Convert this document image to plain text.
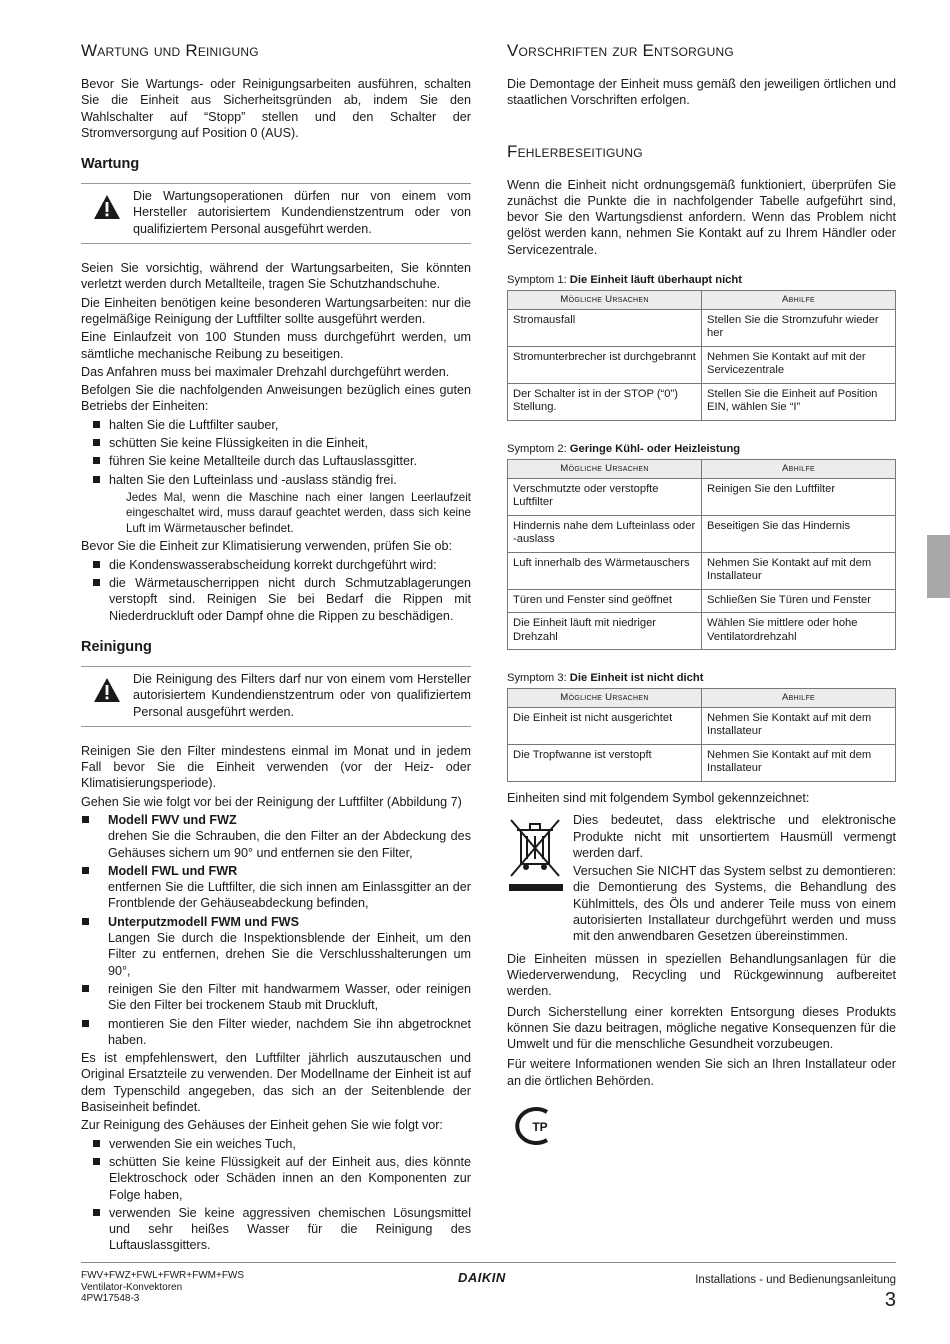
Wartung und Reinigung

Bevor Sie Wartungs- oder Reinigungsarbeiten ausführen, schalten Sie die Einheit aus Sicherheitsgründen ab, indem Sie den Wahlschalter auf “Stopp” stellen und den Schalter der Stromversorgung auf Position 0 (AUS).

Wartung
Die Wartungsoperationen dürfen nur von einem vom Hersteller autorisiertem Kundendienstzentrum oder von qualifiziertem Personal ausgeführt werden.

Seien Sie vorsichtig, während der Wartungsarbeiten, Sie könnten verletzt werden durch Metallteile, tragen Sie Schutzhandschuhe.

Die Einheiten benötigen keine besonderen Wartungsarbeiten: nur die regelmäßige Reinigung der Luftfilter sollte ausgeführt werden.

Eine Einlaufzeit von 100 Stunden muss durchgeführt werden, um sämtliche mechanische Reibung zu beseitigen.

Das Anfahren muss bei maximaler Drehzahl durchgeführt werden.

Befolgen Sie die nachfolgenden Anweisungen bezüglich eines guten Betriebs der Einheiten:

halten Sie die Luftfilter sauber,
schütten Sie keine Flüssigkeiten in die Einheit,
führen Sie keine Metallteile durch das Luftauslassgitter.
halten Sie den Lufteinlass und -auslass ständig frei.
Jedes Mal, wenn die Maschine nach einer langen Leerlaufzeit eingeschaltet wird, muss darauf geachtet werden, dass sich keine Luft im Wärmetauscher befindet.

Bevor Sie die Einheit zur Klimatisierung verwenden, prüfen Sie ob:

die Kondenswasserabscheidung korrekt durchgeführt wird:
die Wärmetauscherrippen nicht durch Schmutzablagerungen verstopft sind. Reinigen Sie bei Bedarf die Rippen mit Niederdruckluft oder Dampf ohne die Rippen zu beschädigen.
Reinigung
Die Reinigung des Filters darf nur von einem vom Hersteller autorisiertem Kundendienstzentrum oder von qualifiziertem Personal ausgeführt werden.

Reinigen Sie den Filter mindestens einmal im Monat und in jedem Fall bevor Sie die Einheit verwenden (vor der Heiz- oder Klimatisierungsperiode).

Gehen Sie wie folgt vor bei der Reinigung der Luftfilter (Abbildung 7)

Modell FWV und FWZ
drehen Sie die Schrauben, die den Filter an der Abdeckung des Gehäuses sichern um 90° und entfernen sie den Filter,
Modell FWL und FWR
entfernen Sie die Luftfilter, die sich innen am Einlassgitter an der Frontblende der Gehäuseabdeckung befinden,
Unterputzmodell FWM und FWS
Langen Sie durch die Inspektionsblende der Einheit, um den Filter zu entfernen, drehen Sie die Verschlusshalterungen um 90°,
reinigen Sie den Filter mit handwarmem Wasser, oder reinigen Sie den Filter bei trockenem Staub mit Druckluft,
montieren Sie den Filter wieder, nachdem Sie ihn abgetrocknet haben.

Es ist empfehlenswert, den Luftfilter jährlich auszutauschen und Original Ersatzteile zu verwenden. Der Modellname der Einheit ist auf dem Typenschild angegeben, das sich an der Seitenblende der Basiseinheit befindet.

Zur Reinigung des Gehäuses der Einheit gehen Sie wie folgt vor:

verwenden Sie ein weiches Tuch,
schütten Sie keine Flüssigkeit auf der Einheit aus, dies könnte Elektroschock oder Schäden innen an den Komponenten zur Folge haben,
verwenden Sie keine aggressiven chemischen Lösungsmittel und sehr heißes Wasser für die Reinigung des Luftauslassgitters.
Vorschriften zur Entsorgung

Die Demontage der Einheit muss gemäß den jeweiligen örtlichen und staatlichen Vorschriften erfolgen.

Fehlerbeseitigung

Wenn die Einheit nicht ordnungsgemäß funktioniert, überprüfen Sie zunächst die Punkte die in nachfolgender Tabelle aufgeführt sind, bevor Sie den Wartungsdienst anfordern. Wenn das Problem nicht gelöst werden kann, nehmen Sie Kontakt auf zu Ihrem Händler oder Servicezentrale.

Symptom 1: Die Einheit läuft überhaupt nicht
Mögliche Ursachen	Abhilfe
Stromausfall	Stellen Sie die Stromzufuhr wieder her
Stromunterbrecher ist durchgebrannt	Nehmen Sie Kontakt auf mit der Servicezentrale
Der Schalter ist in der STOP (“0”) Stellung.	Stellen Sie die Einheit auf Position EIN, wählen Sie “I”
Symptom 2: Geringe Kühl- oder Heizleistung
Mögliche Ursachen	Abhilfe
Verschmutzte oder verstopfte Luftfilter	Reinigen Sie den Luftfilter
Hindernis nahe dem Lufteinlass oder -auslass	Beseitigen Sie das Hindernis
Luft innerhalb des Wärmetauschers	Nehmen Sie Kontakt auf mit dem Installateur
Türen und Fenster sind geöffnet	Schließen Sie Türen und Fenster
Die Einheit läuft mit niedriger Drehzahl	Wählen Sie mittlere oder hohe Ventilatordrehzahl
Symptom 3: Die Einheit ist nicht dicht
Mögliche Ursachen	Abhilfe
Die Einheit ist nicht ausgerichtet	Nehmen Sie Kontakt auf mit dem Installateur
Die Tropfwanne ist verstopft	Nehmen Sie Kontakt auf mit dem Installateur

Einheiten sind mit folgendem Symbol gekennzeichnet:

Dies bedeutet, dass elektrische und elektronische Produkte nicht mit unsortiertem Hausmüll vermengt werden darf.

Versuchen Sie NICHT das System selbst zu demontieren: die Demontierung des Systems, die Behandlung des Kühlmittels, des Öls und anderer Teile muss von einem autorisierten Installateur durchgeführt werden und muss mit den anwendbaren Gesetzen übereinstimmen.

Die Einheiten müssen in speziellen Behandlungsanlagen für die Wiederverwendung, Recycling und Rückgewinnung aufbereitet werden.

Durch Sicherstellung einer korrekten Entsorgung dieses Produkts können Sie dazu beitragen, mögliche negative Konsequenzen für die Umwelt und für die menschliche Gesundheit vorzubeugen.

Für weitere Informationen wenden Sie sich an Ihren Installateur oder an die örtlichen Behörden.

TP
FWV+FWZ+FWL+FWR+FWM+FWS
Ventilator-Konvektoren
4PW17548-3
DAIKIN	Installations - und Bedienungsanleitung
3
